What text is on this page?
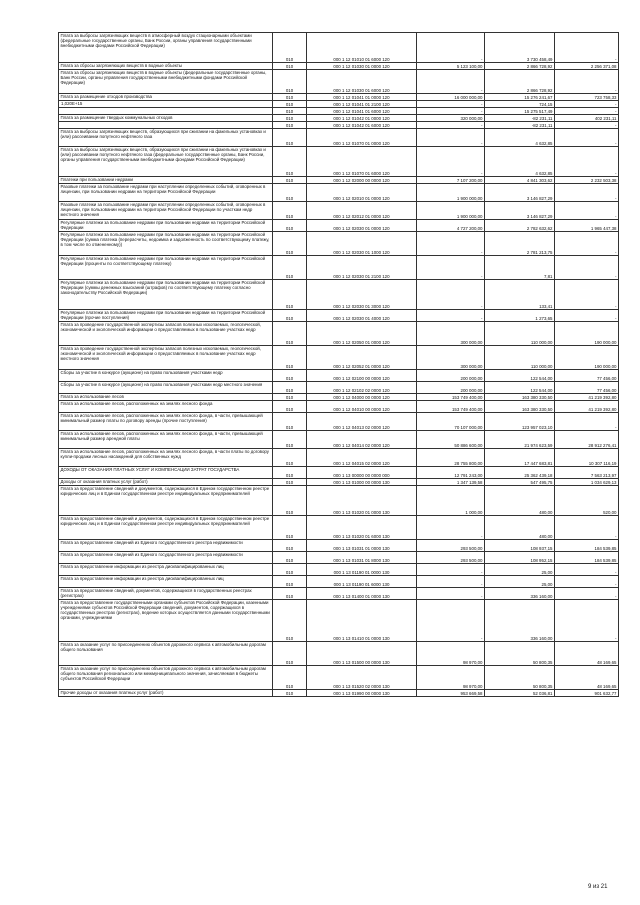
Плата за выбросы загрязняющих веществ в атмосферный воздух стационарными объектами (федеральные государственные органы, Банк России, органы управления государственными внебюджетными фондами Российской Федерации)	010	000 1 12 01010 01 6000 120	-	3 730 458,49	-
Плата за сбросы загрязняющих веществ в водные объекты	010	000 1 12 01030 01 0000 120	5 123 100,00	2 866 728,92	2 256 371,08
Плата за сбросы загрязняющих веществ в водные объекты (федеральные государственные органы, Банк России, органы управления государственными внебюджетными фондами Российской Федерации)	010	000 1 12 01030 01 6000 120	-	2 866 728,92	-
Плата за размещение отходов производства	010	000 1 12 01041 01 0000 120	16 000 000,00	15 276 241,67	723 758,33
1,020Е+15	010	000 1 12 01041 01 2100 120	-	724,15	-
	010	000 1 12 01041 01 6000 120	-	15 275 517,49	-
Плата за размещение твердых коммунальных отходов	010	000 1 12 01042 01 0000 120	320 000,00	-82 231,11	402 231,11
	010	000 1 12 01042 01 6000 120	-	-82 231,11	-
Плата за выбросы загрязняющих веществ, образующихся при сжигании на факельных установках и (или) рассеивании попутного нефтяного газа	010	000 1 12 01070 01 0000 120	-	4 632,85	-
Плата за выбросы загрязняющих веществ, образующихся при сжигании на факельных установках и (или) рассеивании попутного нефтяного газа (федеральные государственные органы, Банк России, органы управления государственными внебюджетными фондами Российской Федерации)	010	000 1 12 01070 01 6000 120	-	4 632,85	-
Платежи при пользовании недрами	010	000 1 12 02000 00 0000 120	7 107 200,00	4 841 303,62	2 232 503,38
Разовые платежи за пользование недрами при наступлении определенных событий, оговоренных в лицензии, при пользовании недрами на территории Российской Федерации	010	000 1 12 02010 01 0000 120	1 900 000,00	3 146 827,29	-
Разовые платежи за пользование недрами при наступлении определенных событий, оговоренных в лицензии, при пользовании недрами на территории Российской Федерации по участкам недр местного значения	010	000 1 12 02012 01 0000 120	1 900 000,00	3 146 827,29	-
Регулярные платежи за пользование недрами при пользовании недрами на территории Российской Федерации	010	000 1 12 02030 01 0000 120	4 727 200,00	2 782 632,62	1 965 447,38
Регулярные платежи за пользование недрами при пользовании недрами на территории Российской Федерации (сумма платежа (перерасчеты, недоимка и задолженность по соответствующему платежу, в том числе по отмененному))	010	000 1 12 02030 01 1000 120	-	2 781 213,75	-
Регулярные платежи за пользование недрами при пользовании недрами на территории Российской Федерации (проценты по соответствующему платежу)	010	000 1 12 02030 01 2100 120	-	7,81	-
Регулярные платежи за пользование недрами при пользовании недрами на территории Российской Федерации (суммы денежных взысканий (штрафов) по соответствующему платежу согласно законодательству Российской Федерации)	010	000 1 12 02030 01 3000 120	-	133,41	-
Регулярные платежи за пользование недрами при пользовании недрами на территории Российской Федерации (прочие поступления)	010	000 1 12 02030 01 4000 120	-	1 273,65	-
Плата за проведение государственной экспертизы запасов полезных ископаемых, геологической, экономической и экологической информации о предоставляемых в пользование участках недр	010	000 1 12 02050 01 0000 120	300 000,00	110 000,00	190 000,00
Плата за проведение государственной экспертизы запасов полезных ископаемых, геологической, экономической и экологической информации о предоставляемых в пользование участках недр местного значения	010	000 1 12 02052 01 0000 120	300 000,00	110 000,00	190 000,00
Сборы за участие в конкурсе (аукционе) на право пользования участками недр	010	000 1 12 02100 00 0000 120	200 000,00	122 544,00	77 456,00
Сборы за участие в конкурсе (аукционе) на право пользования участками недр местного значения	010	000 1 12 02102 02 0000 120	200 000,00	122 544,00	77 456,00
Плата за использование лесов	010	000 1 12 04000 00 0000 120	153 749 400,00	163 380 330,50	41 219 392,80
Плата за использование лесов, расположенных на землях лесного фонда	010	000 1 12 04010 00 0000 120	153 749 400,00	163 380 330,50	41 219 392,80
Плата за использование лесов, расположенных на землях лесного фонда, в части, превышающей минимальный размер платы по договору аренды (прочие поступления)	010	000 1 12 04013 02 0000 120	70 107 000,00	123 957 023,10	-
Плата за использование лесов, расположенных на землях лесного фонда, в части, превышающей минимальный размер арендной платы	010	000 1 12 04014 02 0000 120	50 886 600,00	21 974 623,59	28 912 276,41
Плата за использование лесов, расположенных на землях лесного фонда, в части платы по договору купли-продажи лесных насаждений для собственных нужд	010	000 1 12 04015 02 0000 120	28 755 800,00	17 447 683,81	10 307 116,19
ДОХОДЫ ОТ ОКАЗАНИЯ ПЛАТНЫХ УСЛУГ И КОМПЕНСАЦИИ ЗАТРАТ ГОСУДАРСТВА	010	000 1 13 00000 00 0000 000	12 791 243,00	25 362 439,18	7 563 213,97
Доходы от оказания платных услуг (работ)	010	000 1 13 01000 00 0000 130	1 347 139,58	547 495,75	1 034 629,13
Плата за предоставление сведений и документов, содержащихся в Едином государственном реестре юридических лиц и в Едином государственном реестре индивидуальных предпринимателей	010	000 1 13 01020 01 0000 130	1 000,00	480,00	520,00
Плата за предоставление сведений и документов, содержащихся в Едином государственном реестре юридических лиц и в Едином государственном реестре индивидуальных предпринимателей	010	000 1 13 01020 01 6000 130	-	480,00	-
Плата за предоставление сведений из Единого государственного реестра недвижимости	010	000 1 13 01031 01 0000 130	293 500,00	108 937,15	184 539,85
Плата за предоставление сведений из Единого государственного реестра недвижимости	010	000 1 13 01031 01 8000 130	293 500,00	108 952,15	184 539,85
Плата за предоставление информации из реестра дисквалифицированных лиц	010	000 1 13 01190 01 0000 130	-	25,00	-
Плата за предоставление информации из реестра дисквалифицированных лиц	010	000 1 13 01190 01 6000 130	-	25,00	-
Плата за предоставление сведений, документов, содержащихся в государственных реестрах (регистрах)	010	000 1 13 01400 01 0000 130	-	336 160,00	-
Плата за предоставление государственными органами субъектов Российской Федерации, казенными учреждениями субъектов Российской Федерации сведений, документов, содержащихся в государственных реестрах (регистрах), ведение которых осуществляется данными государственными органами, учреждениями	010	000 1 13 01410 01 0000 130	-	336 160,00	-
Плата за оказание услуг по присоединению объектов дорожного сервиса к автомобильным дорогам общего пользования	010	000 1 13 01500 00 0000 130	98 970,00	50 800,35	48 169,65
Плата за оказание услуг по присоединению объектов дорожного сервиса к автомобильным дорогам общего пользования регионального или межмуниципального значения, зачисляемая в бюджеты субъектов Российской Федерации	010	000 1 13 01520 02 0000 130	98 970,00	50 800,35	48 169,65
Прочие доходы от оказания платных услуг (работ)	010	000 1 13 01990 00 0000 130	953 669,58	52 036,81	901 632,77
9 из 21
